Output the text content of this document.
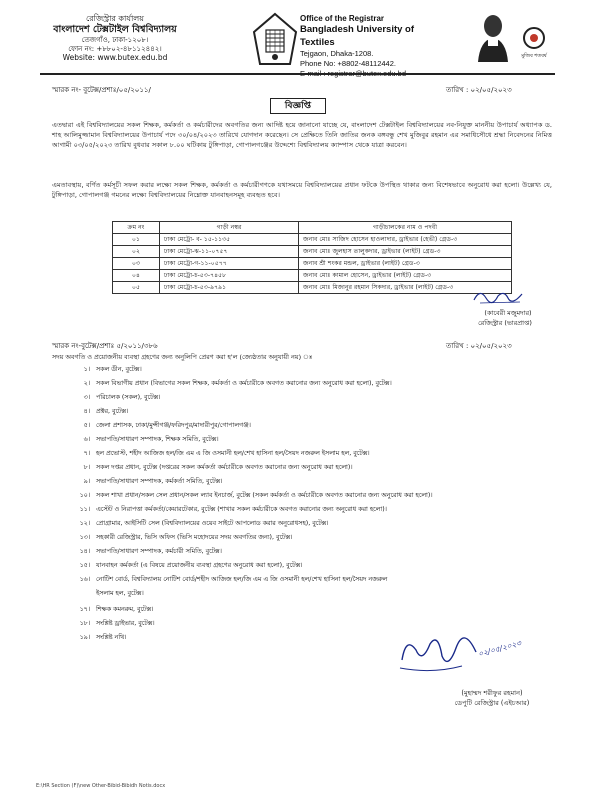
রেজিস্ট্রার কার্যালয়
বাংলাদেশ টেক্সটাইল বিশ্ববিদ্যালয়
তেজগাঁও, ঢাকা-১২০৮।
ফোন নং: +৮৮০২-৪৮১১২৪৪২।
Website: www.butex.edu.bd
Office of the Registrar
Bangladesh University of Textiles
Tejgaon, Dhaka-1208.
Phone No: +8802-48112442.
মুজিব শতবর্ষ
স্মারক নং- বুটেক্স/প্রশাঃ/০৫/২০১১/	তারিখ : ০২/০৫/২০২৩
বিজ্ঞপ্তি
এতদ্বারা এই বিশ্ববিদ্যালয়ের সকল শিক্ষক, কর্মকর্তা ও কর্মচারীদের অবগতির জন্য আদিষ্ট হয়ে জানানো যাচ্ছে যে, বাংলাদেশ টেক্সটাইল বিশ্ববিদ্যালয়ের নব-নিযুক্ত মাননীয় উপাচার্য অধ্যাপক ড. শাহ আলিমুজ্জামান বিশ্ববিদ্যালয়ের উপাচার্য পদে ৩০/০৪/২০২৩ তারিখে যোগদান করেছেন। সে প্রেক্ষিতে তিনি জাতির জনক বঙ্গবন্ধু শেখ মুজিবুর রহমান এর সমাধিসৌধে শ্রদ্ধা নিবেদনের নিমিত্ত আগামী ০৩/০৫/২০২৩ তারিখ বুধবার সকাল ৮.০০ ঘটিকায় টুঙ্গিপাড়া, গোপালগঞ্জের উদ্দেশ্যে বিশ্ববিদ্যালয় ক্যাম্পাস থেকে যাত্রা করবেন।
এমতাবস্থায়, বর্ণিত কর্মসূচী সফল করার লক্ষ্যে সকল শিক্ষক, কর্মকর্তা ও কর্মচারীগণকে যথাসময়ে বিশ্ববিদ্যালয়ের প্রধান ফটকে উপস্থিত থাকার জন্য বিশেষভাবে অনুরোধ করা হলো। উল্লেখ্য যে, টুঙ্গিপাড়া, গোপালগঞ্জ গমনের লক্ষ্যে বিশ্ববিদ্যালয়ের নিম্নোক্ত যানবাহনসমূহ ব্যবহৃত হবে।
ক্রম নং	গাড়ী নম্বর	গাড়ীচালকের নাম ও পদবী
০১	ঢাকা মেট্রো- ব- ১৫-১১৩৫	জনাব মোঃ সাজিদ হোসেন হাওলাদার, ড্রাইভার (হেভী) গ্রেড-৩
০২	ঢাকা মেট্রো-ঝ-১১-০৭৫৭	জনাব মোঃ জুলহাস তালুকদার, ড্রাইভার (লাইট) গ্রেড-৩
০৩	ঢাকা মেট্রো-গ-১১-০৫৭৭	জনাব শ্রী শংকর মন্ডল, ড্রাইভার (লাইট) গ্রেড-৩
০৪	ঢাকা মেট্রো-চ-৫৩-৭৪৫৮	জনাব মোঃ কামাল হোসেন, ড্রাইভার (লাইট) গ্রেড-৩
০৫	ঢাকা মেট্রো-চ-৫৩-৯৭৯১	জনাব মোঃ মিজানুর রহমান সিকদার, ড্রাইভার (লাইট) গ্রেড-৩
(কাবেরী মজুমদার)
রেজিস্ট্রার (ভারপ্রাপ্ত)
স্মারক নং-বুটেক্স/প্রশাঃ ৫/২০১১/৩৮৬	তারিখ : ০২/০৫/২০২৩
সদয় অবগতি ও প্রয়োজনীয় ব্যবস্থা গ্রহণের জন্য অনুলিপি প্রেরণ করা হ'ল (জ্যেষ্ঠতার অনুযায়ী নয়) ঃ
১। সকল ডীন, বুটেক্স।
২। সকল বিভাগীয় প্রধান (বিভাগের সকল শিক্ষক, কর্মকর্তা ও কর্মচারীকে অবগত করানোর জন্য অনুরোধ করা হলো), বুটেক্স।
৩। পরিচালক (সকল), বুটেক্স।
৪। প্রক্টর, বুটেক্স।
৫। জেলা প্রশাসক, ঢাকা/মুন্সীগঞ্জ/ফরিদপুর/মাদারীপুর/গোপালগঞ্জ।
৬। সভাপতি/সাধারণ সম্পাদক, শিক্ষক সমিতি, বুটেক্স।
৭। হল প্রভোস্ট, শহীদ আজিজ হল/জি এম এ জি ওসমানী হল/শেখ হাসিনা হল/সৈয়দ নজরুল ইসলাম হল, বুটেক্স।
৮। সকল দপ্তর প্রধান, বুটেক্স (দপ্তরের সকল কর্মকর্তা কর্মচারীকে অবগত করানোর জন্য অনুরোধ করা হলো)।
৯। সভাপতি/সাধারণ সম্পাদক, কর্মকর্তা সমিতি, বুটেক্স।
১০। সকল শাখা প্রধান/সকল সেল প্রধান/সকল ল্যাব ইনচার্জ, বুটেক্স (সকল কর্মকর্তা ও কর্মচারীকে অবগত করানোর জন্য অনুরোধ করা হলো)।
১১। এস্টেট ও নিরাপত্তা কর্মকর্তা/কেয়ারটেকার, বুটেক্স (শাখার সকল কর্মচারীকে অবগত করানোর জন্য অনুরোধ করা হলো)।
১২। প্রোগ্রামার, আইসিটি সেল (বিশ্ববিদ্যালয়ের ওয়েব সাইটে আপলোড করার অনুরোধসহ), বুটেক্স।
১৩। সহকারী রেজিস্ট্রার, ভিসি অফিস (ভিসি মহোদয়ের সদয় অবগতির জন্য), বুটেক্স।
১৪। সভাপতি/সাধারণ সম্পাদক, কর্মচারী সমিতি, বুটেক্স।
১৫। যানবাহন কর্মকর্তা (এ বিষয়ে প্রয়োজনীয় ব্যবস্থা গ্রহণের অনুরোধ করা হলো), বুটেক্স।
১৬। নোটিশ বোর্ড, বিশ্ববিদ্যালয় নোটিশ বোর্ড/শহীদ আজিজ হল/জি এম এ জি ওসমানী হল/শেখ হাসিনা হল/সৈয়দ নজরুল
ইসলাম হল, বুটেক্স।
১৭। শিক্ষক কমনরুম, বুটেক্স।
১৮। সংশ্লিষ্ট ড্রাইভার, বুটেক্স।
১৯। সংশ্লিষ্ট নথি।
০২/০৫/২০২৩
(মুহাম্মদ শরীফুর রহমান)
ডেপুটি রেজিস্ট্রার (এইচআর)
E:\HR Section (F)\new Other-Bibid-Bibidh Notis.docx
